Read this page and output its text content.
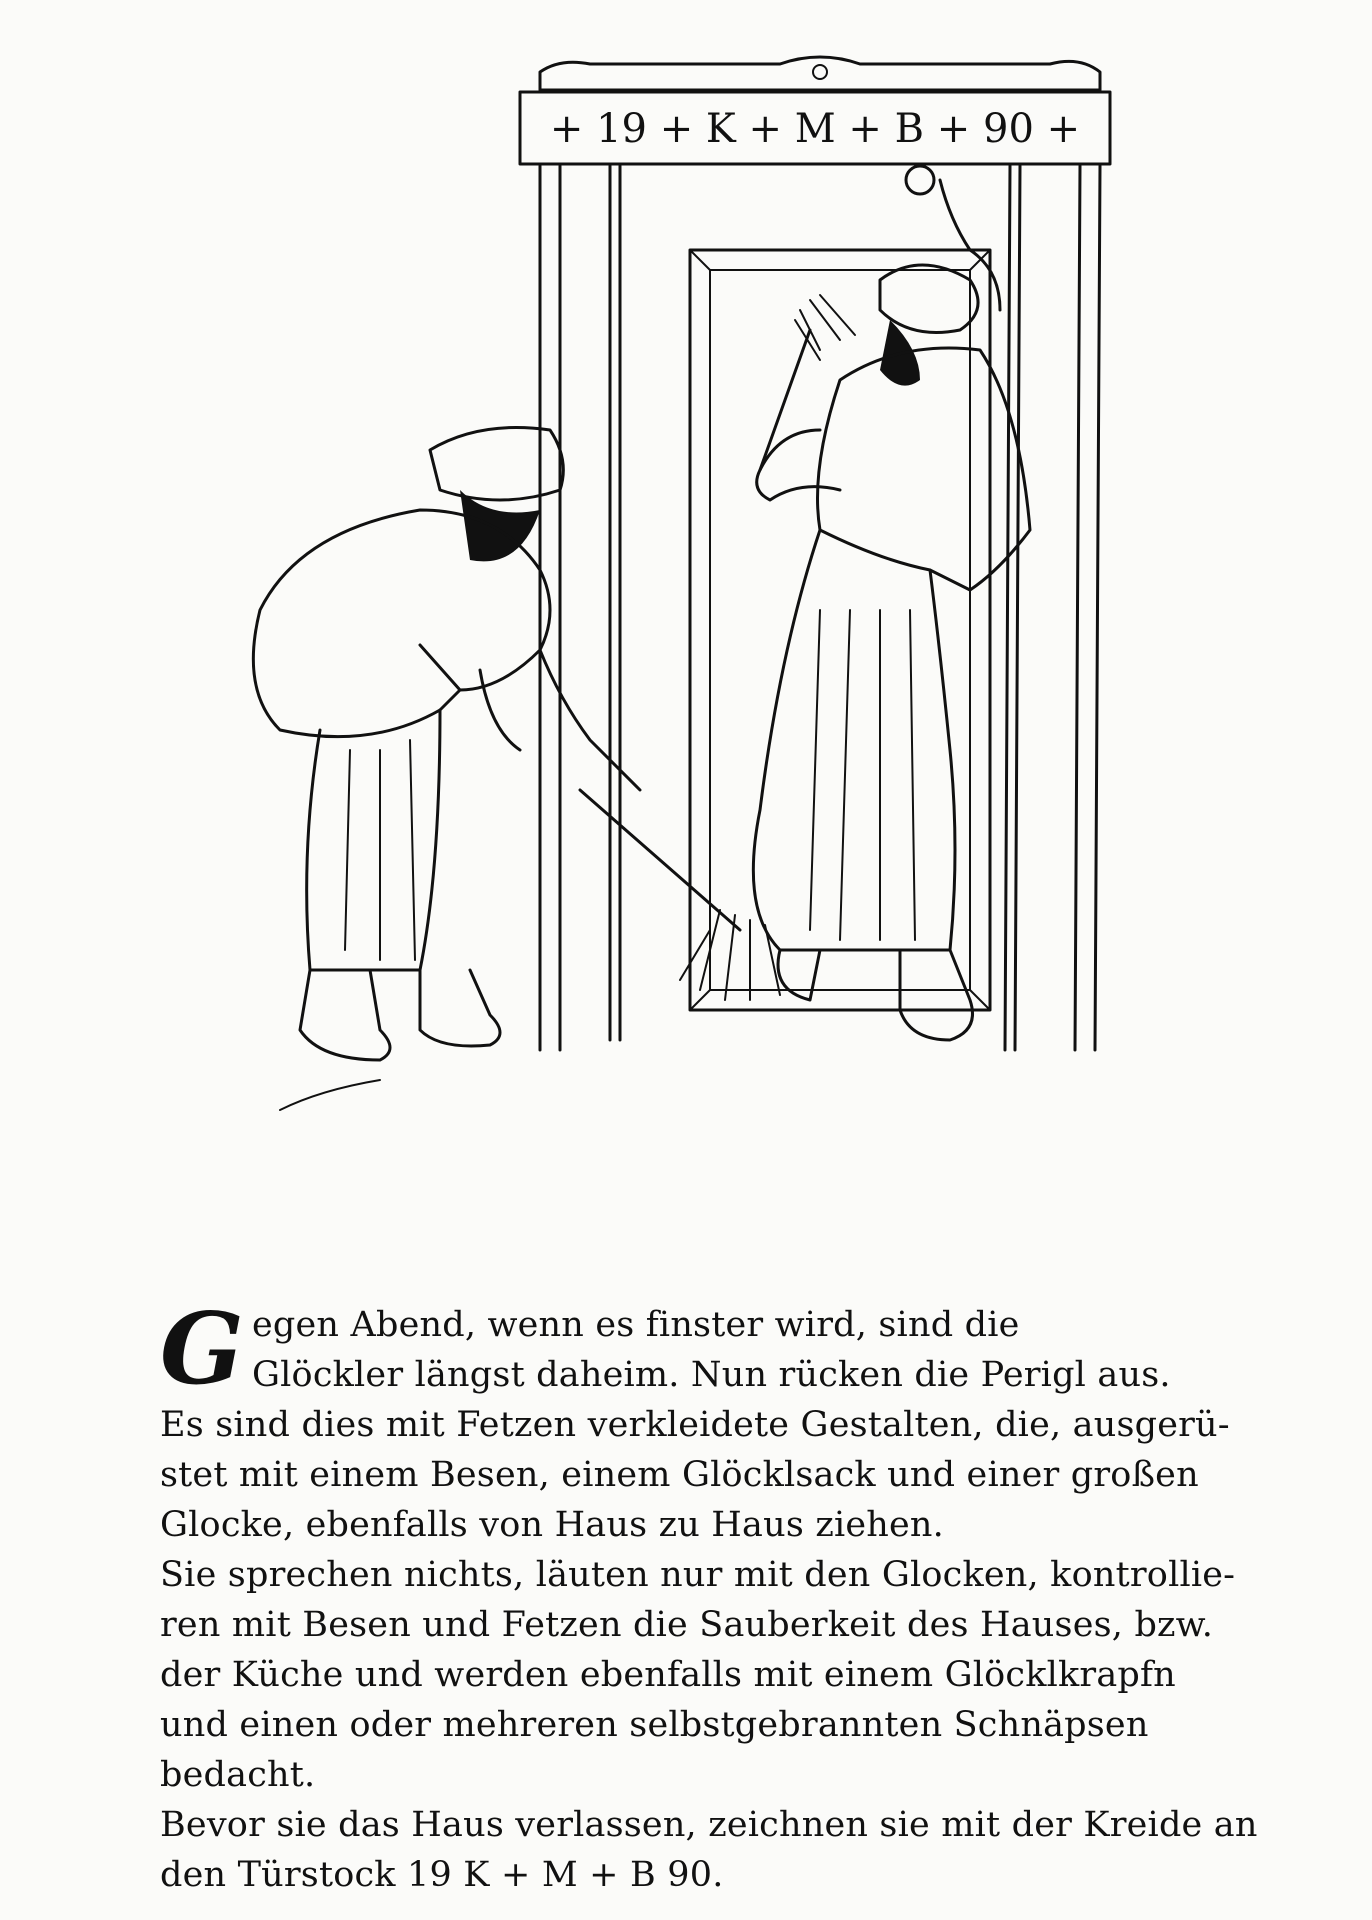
+ 19 + K + M + B + 90 +
G egen Abend, wenn es finster wird, sind die
Glöckler längst daheim. Nun rücken die Perigl aus.
Es sind dies mit Fetzen verkleidete Gestalten, die, ausgerü-
stet mit einem Besen, einem Glöcklsack und einer großen
Glocke, ebenfalls von Haus zu Haus ziehen.
Sie sprechen nichts, läuten nur mit den Glocken, kontrollie-
ren mit Besen und Fetzen die Sauberkeit des Hauses, bzw.
der Küche und werden ebenfalls mit einem Glöcklkrapfn
und einen oder mehreren selbstgebrannten Schnäpsen
bedacht.
Bevor sie das Haus verlassen, zeichnen sie mit der Kreide an
den Türstock 19 K + M + B 90.
